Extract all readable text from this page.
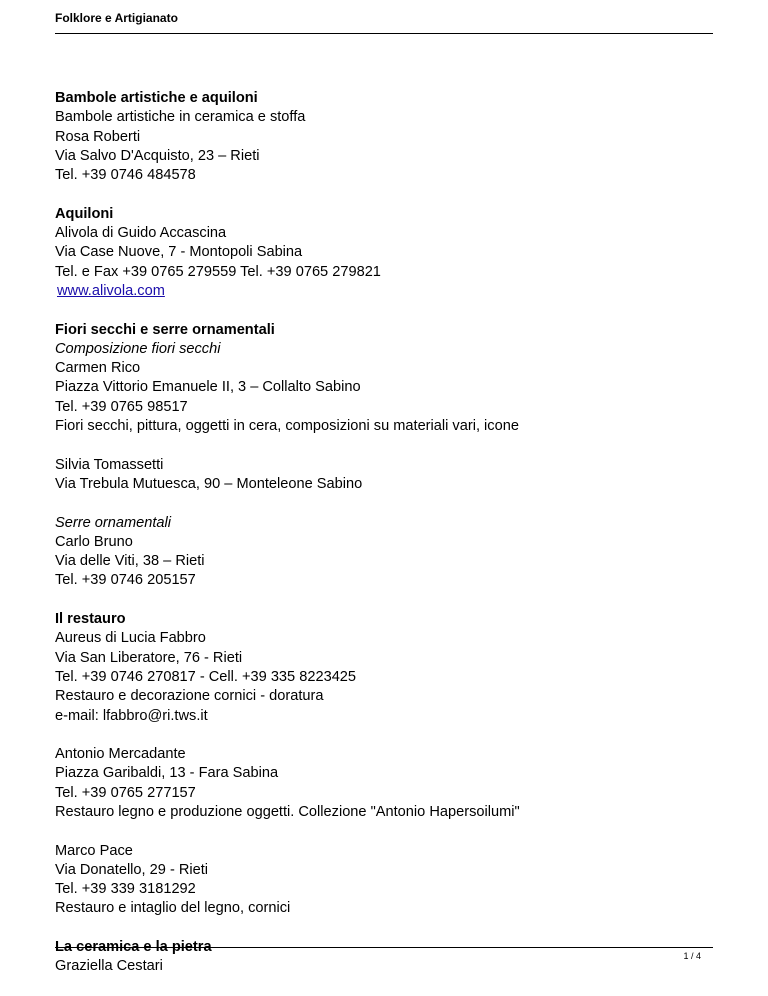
Folklore e Artigianato
Bambole artistiche e aquiloni
Bambole artistiche in ceramica e stoffa
Rosa Roberti
Via Salvo D'Acquisto, 23 – Rieti
Tel. +39 0746 484578
Aquiloni
Alivola di Guido Accascina
Via Case Nuove, 7 - Montopoli Sabina
Tel. e Fax +39 0765 279559 Tel. +39 0765 279821
www.alivola.com
Fiori secchi e serre ornamentali
Composizione fiori secchi
Carmen Rico
Piazza Vittorio Emanuele II, 3 – Collalto Sabino
Tel. +39 0765 98517
Fiori secchi, pittura, oggetti in cera, composizioni su materiali vari, icone
Silvia Tomassetti
Via Trebula Mutuesca, 90 – Monteleone Sabino
Serre ornamentali
Carlo Bruno
Via delle Viti, 38 – Rieti
Tel. +39 0746 205157
Il restauro
Aureus di Lucia Fabbro
Via San Liberatore, 76 - Rieti
Tel. +39 0746 270817 - Cell. +39 335 8223425
Restauro e decorazione cornici - doratura
e-mail: lfabbro@ri.tws.it
Antonio Mercadante
Piazza Garibaldi, 13 - Fara Sabina
Tel. +39 0765 277157
Restauro legno e produzione oggetti. Collezione "Antonio Hapersoilumi"
Marco Pace
Via Donatello, 29 - Rieti
Tel. +39 339 3181292
Restauro e intaglio del legno, cornici
La ceramica e la pietra
Graziella Cestari
1 / 4
